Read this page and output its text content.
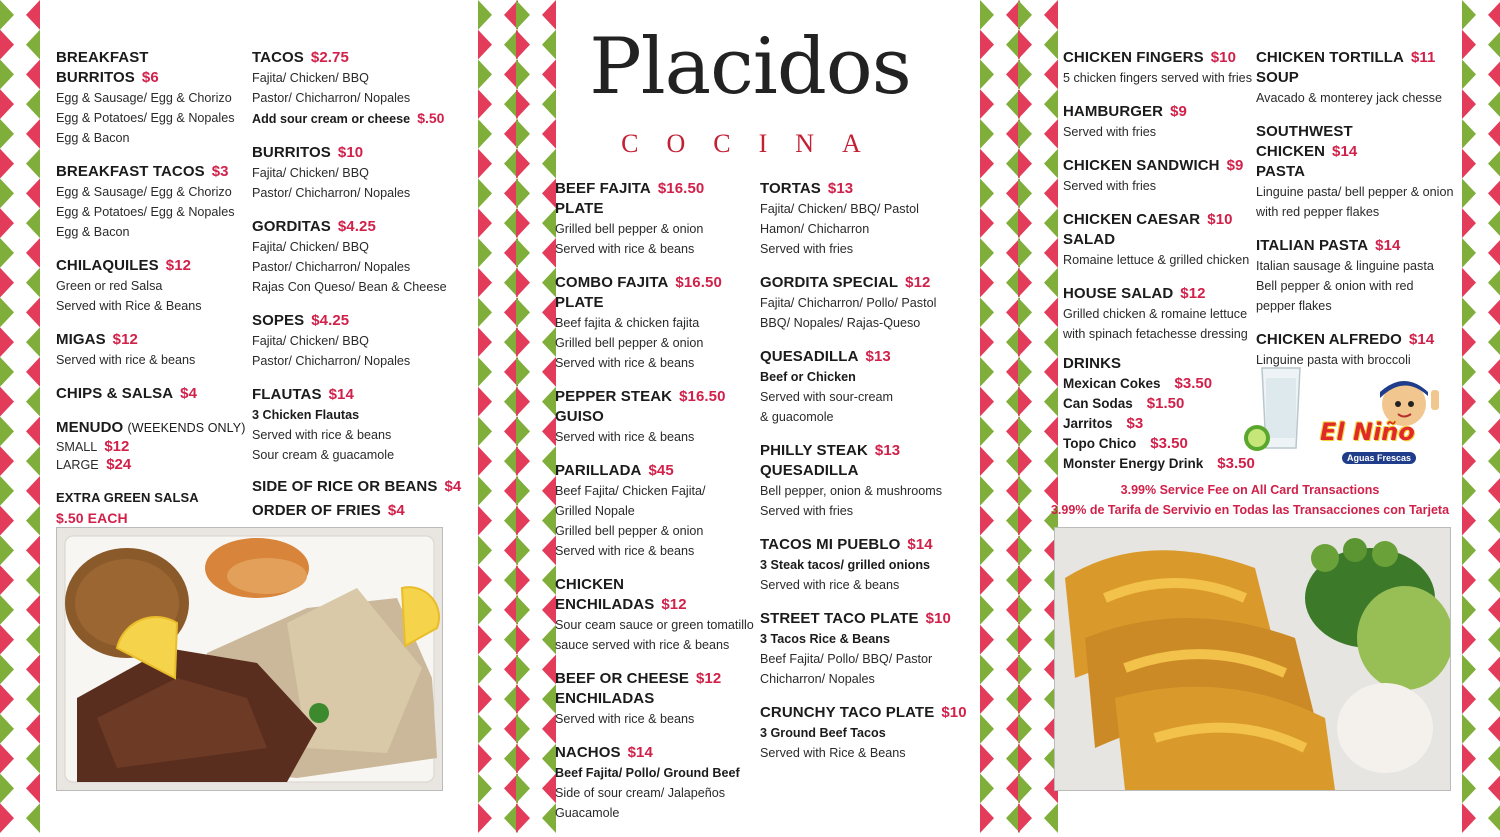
BREAKFAST BURRITOS $6
Egg & Sausage/ Egg & Chorizo
Egg & Potatoes/ Egg & Nopales
Egg & Bacon
BREAKFAST TACOS $3
Egg & Sausage/ Egg & Chorizo
Egg & Potatoes/ Egg & Nopales
Egg & Bacon
CHILAQUILES $12
Green or red Salsa
Served with Rice & Beans
MIGAS $12
Served with rice & beans
CHIPS & SALSA $4
MENUDO (WEEKENDS ONLY)
SMALL $12
LARGE $24
EXTRA GREEN SALSA
$.50 EACH
TACOS $2.75
Fajita/ Chicken/ BBQ
Pastor/ Chicharron/ Nopales
Add sour cream or cheese $.50
BURRITOS $10
Fajita/ Chicken/ BBQ
Pastor/ Chicharron/ Nopales
GORDITAS $4.25
Fajita/ Chicken/ BBQ
Pastor/ Chicharron/ Nopales
Rajas Con Queso/ Bean & Cheese
SOPES $4.25
Fajita/ Chicken/ BBQ
Pastor/ Chicharron/ Nopales
FLAUTAS $14
3 Chicken Flautas
Served with rice & beans
Sour cream & guacamole
SIDE OF RICE OR BEANS $4
ORDER OF FRIES $4
Placidos
COCINA
BEEF FAJITA $16.50
PLATE
Grilled bell pepper & onion
Served with rice & beans
COMBO FAJITA $16.50
PLATE
Beef fajita & chicken fajita
Grilled bell pepper & onion
Served with rice & beans
PEPPER STEAK $16.50
GUISO
Served with rice & beans
PARILLADA $45
Beef Fajita/ Chicken Fajita/
Grilled Nopale
Grilled bell pepper & onion
Served with rice & beans
CHICKEN ENCHILADAS $12
Sour ceam sauce or green tomatillo
sauce served with rice & beans
BEEF OR CHEESE $12
ENCHILADAS
Served with rice & beans
NACHOS $14
Beef Fajita/ Pollo/ Ground Beef
Side of sour cream/ Jalapeños
Guacamole
TORTAS $13
Fajita/ Chicken/ BBQ/ Pastol
Hamon/ Chicharron
Served with fries
GORDITA SPECIAL $12
Fajita/ Chicharron/ Pollo/ Pastol
BBQ/ Nopales/ Rajas-Queso
QUESADILLA $13
Beef or Chicken
Served with sour-cream
& guacomole
PHILLY STEAK $13
QUESADILLA
Bell pepper, onion & mushrooms
Served with fries
TACOS MI PUEBLO $14
3 Steak tacos/ grilled onions
Served with rice & beans
STREET TACO PLATE $10
3 Tacos Rice & Beans
Beef Fajita/ Pollo/ BBQ/ Pastor
Chicharron/ Nopales
CRUNCHY TACO PLATE $10
3 Ground Beef Tacos
Served with Rice & Beans
CHICKEN FINGERS $10
5 chicken fingers served with fries
HAMBURGER $9
Served with fries
CHICKEN SANDWICH $9
Served with fries
CHICKEN CAESAR $10
SALAD
Romaine lettuce & grilled chicken
HOUSE SALAD $12
Grilled chicken & romaine lettuce
with spinach fetachesse dressing
CHICKEN TORTILLA $11
SOUP
Avacado & monterey jack chesse
SOUTHWEST CHICKEN $14
PASTA
Linguine pasta/ bell pepper & onion
with red pepper flakes
ITALIAN PASTA $14
Italian sausage & linguine pasta
Bell pepper & onion with red
pepper flakes
CHICKEN ALFREDO $14
Linguine pasta with broccoli
DRINKS
Mexican Cokes $3.50
Can Sodas $1.50
Jarritos $3
Topo Chico $3.50
Monster Energy Drink $3.50
El Niño
Aguas Frescas
3.99% Service Fee on All Card Transactions
3.99% de Tarifa de Servivio en Todas las Transacciones con Tarjeta
